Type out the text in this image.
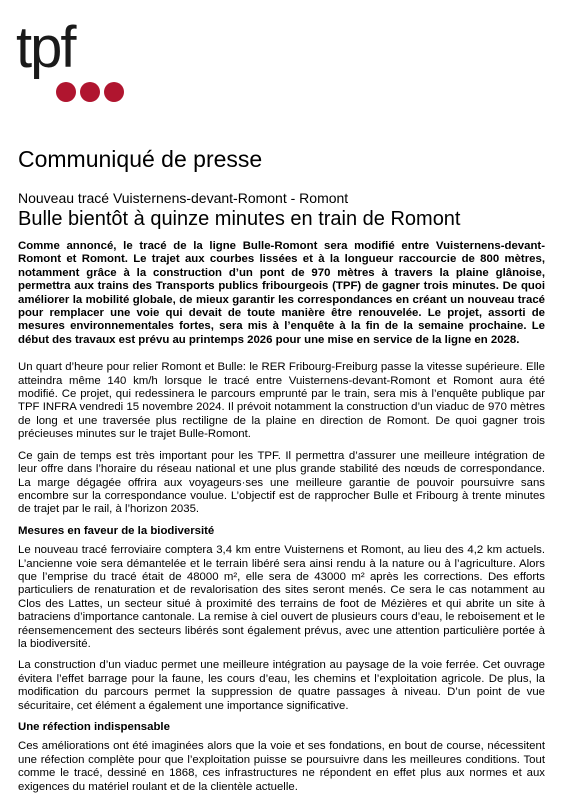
tpf
Communiqué de presse
Nouveau tracé Vuisternens-devant-Romont - Romont
Bulle bientôt à quinze minutes en train de Romont

Comme annoncé, le tracé de la ligne Bulle-Romont sera modifié entre Vuisternens-devant-Romont et Romont. Le trajet aux courbes lissées et à la longueur raccourcie de 800 mètres, notamment grâce à la construction d’un pont de 970 mètres à travers la plaine glânoise, permettra aux trains des Transports publics fribourgeois (TPF) de gagner trois minutes. De quoi améliorer la mobilité globale, de mieux garantir les correspondances en créant un nouveau tracé pour remplacer une voie qui devait de toute manière être renouvelée. Le projet, assorti de mesures environnementales fortes, sera mis à l’enquête à la fin de la semaine prochaine. Le début des travaux est prévu au printemps 2026 pour une mise en service de la ligne en 2028.

Un quart d’heure pour relier Romont et Bulle: le RER Fribourg-Freiburg passe la vitesse supérieure. Elle atteindra même 140 km/h lorsque le tracé entre Vuisternens-devant-Romont et Romont aura été modifié. Ce projet, qui redessinera le parcours emprunté par le train, sera mis à l’enquête publique par TPF INFRA vendredi 15 novembre 2024. Il prévoit notamment la construction d’un viaduc de 970 mètres de long et une traversée plus rectiligne de la plaine en direction de Romont. De quoi gagner trois précieuses minutes sur le trajet Bulle-Romont.

Ce gain de temps est très important pour les TPF. Il permettra d’assurer une meilleure intégration de leur offre dans l’horaire du réseau national et une plus grande stabilité des nœuds de correspondance. La marge dégagée offrira aux voyageurs·ses une meilleure garantie de pouvoir poursuivre sans encombre sur la correspondance voulue. L’objectif est de rapprocher Bulle et Fribourg à trente minutes de trajet par le rail, à l’horizon 2035.

Mesures en faveur de la biodiversité

Le nouveau tracé ferroviaire comptera 3,4 km entre Vuisternens et Romont, au lieu des 4,2 km actuels. L’ancienne voie sera démantelée et le terrain libéré sera ainsi rendu à la nature ou à l’agriculture. Alors que l’emprise du tracé était de 48000 m², elle sera de 43000 m² après les corrections. Des efforts particuliers de renaturation et de revalorisation des sites seront menés. Ce sera le cas notamment au Clos des Lattes, un secteur situé à proximité des terrains de foot de Mézières et qui abrite un site à batraciens d’importance cantonale. La remise à ciel ouvert de plusieurs cours d’eau, le reboisement et le réensemencement des secteurs libérés sont également prévus, avec une attention particulière portée à la biodiversité.

La construction d’un viaduc permet une meilleure intégration au paysage de la voie ferrée. Cet ouvrage évitera l’effet barrage pour la faune, les cours d’eau, les chemins et l’exploitation agricole. De plus, la modification du parcours permet la suppression de quatre passages à niveau. D’un point de vue sécuritaire, cet élément a également une importance significative.

Une réfection indispensable

Ces améliorations ont été imaginées alors que la voie et ses fondations, en bout de course, nécessitent une réfection complète pour que l’exploitation puisse se poursuivre dans les meilleures conditions. Tout comme le tracé, dessiné en 1868, ces infrastructures ne répondent en effet plus aux normes et aux exigences du matériel roulant et de la clientèle actuelle.
